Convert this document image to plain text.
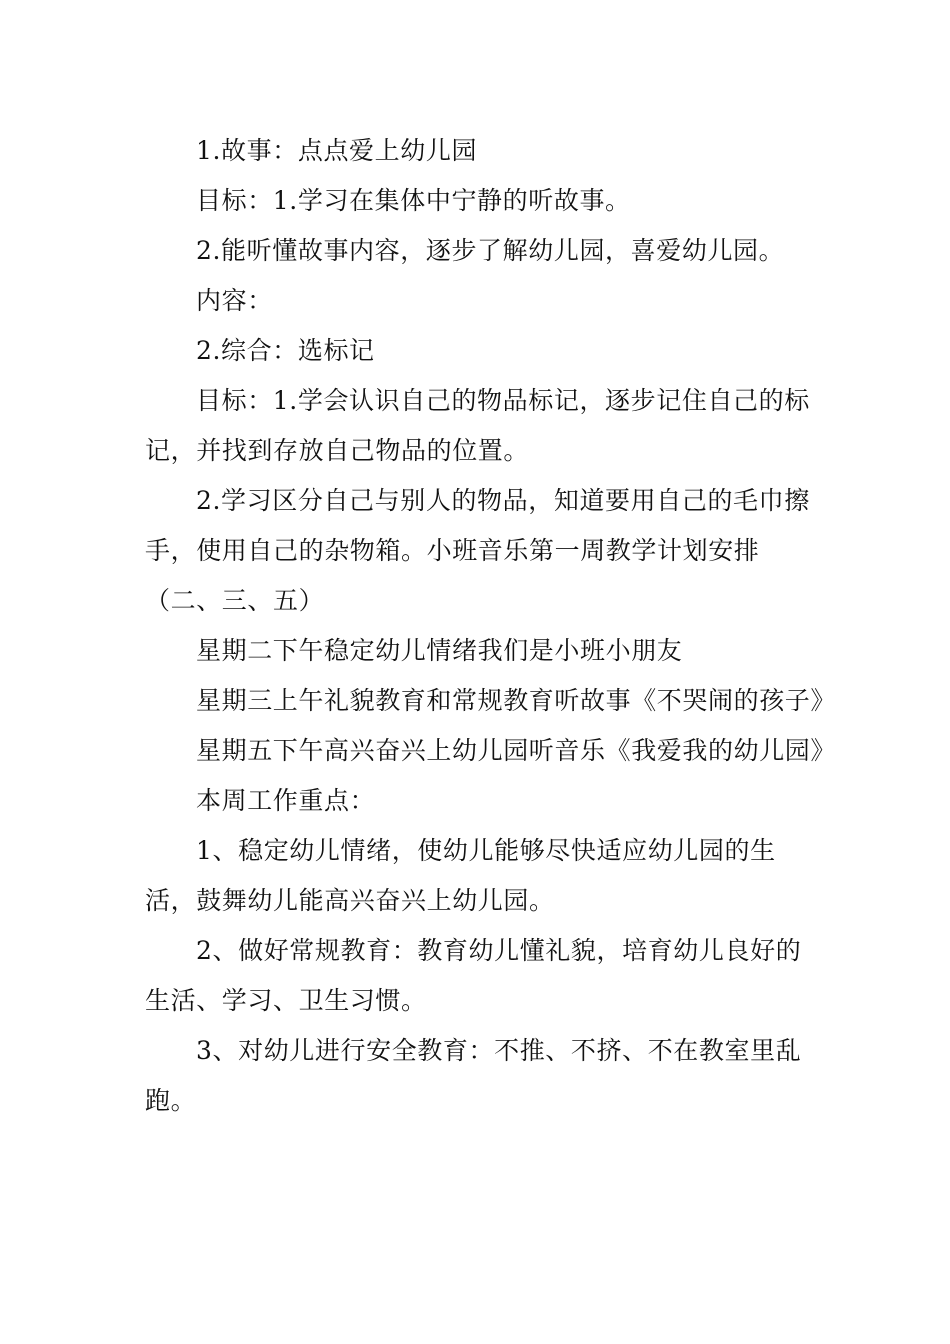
1.故事：点点爱上幼儿园

目标：1.学习在集体中宁静的听故事。

2.能听懂故事内容，逐步了解幼儿园，喜爱幼儿园。

内容：

2.综合：选标记

目标：1.学会认识自己的物品标记，逐步记住自己的标记，并找到存放自己物品的位置。

2.学习区分自己与别人的物品，知道要用自己的毛巾擦手，使用自己的杂物箱。小班音乐第一周教学计划安排（二、三、五）

星期二下午稳定幼儿情绪我们是小班小朋友

星期三上午礼貌教育和常规教育听故事《不哭闹的孩子》

星期五下午高兴奋兴上幼儿园听音乐《我爱我的幼儿园》

本周工作重点：

1、稳定幼儿情绪，使幼儿能够尽快适应幼儿园的生活，鼓舞幼儿能高兴奋兴上幼儿园。

2、做好常规教育：教育幼儿懂礼貌，培育幼儿良好的生活、学习、卫生习惯。

3、对幼儿进行安全教育：不推、不挤、不在教室里乱跑。
